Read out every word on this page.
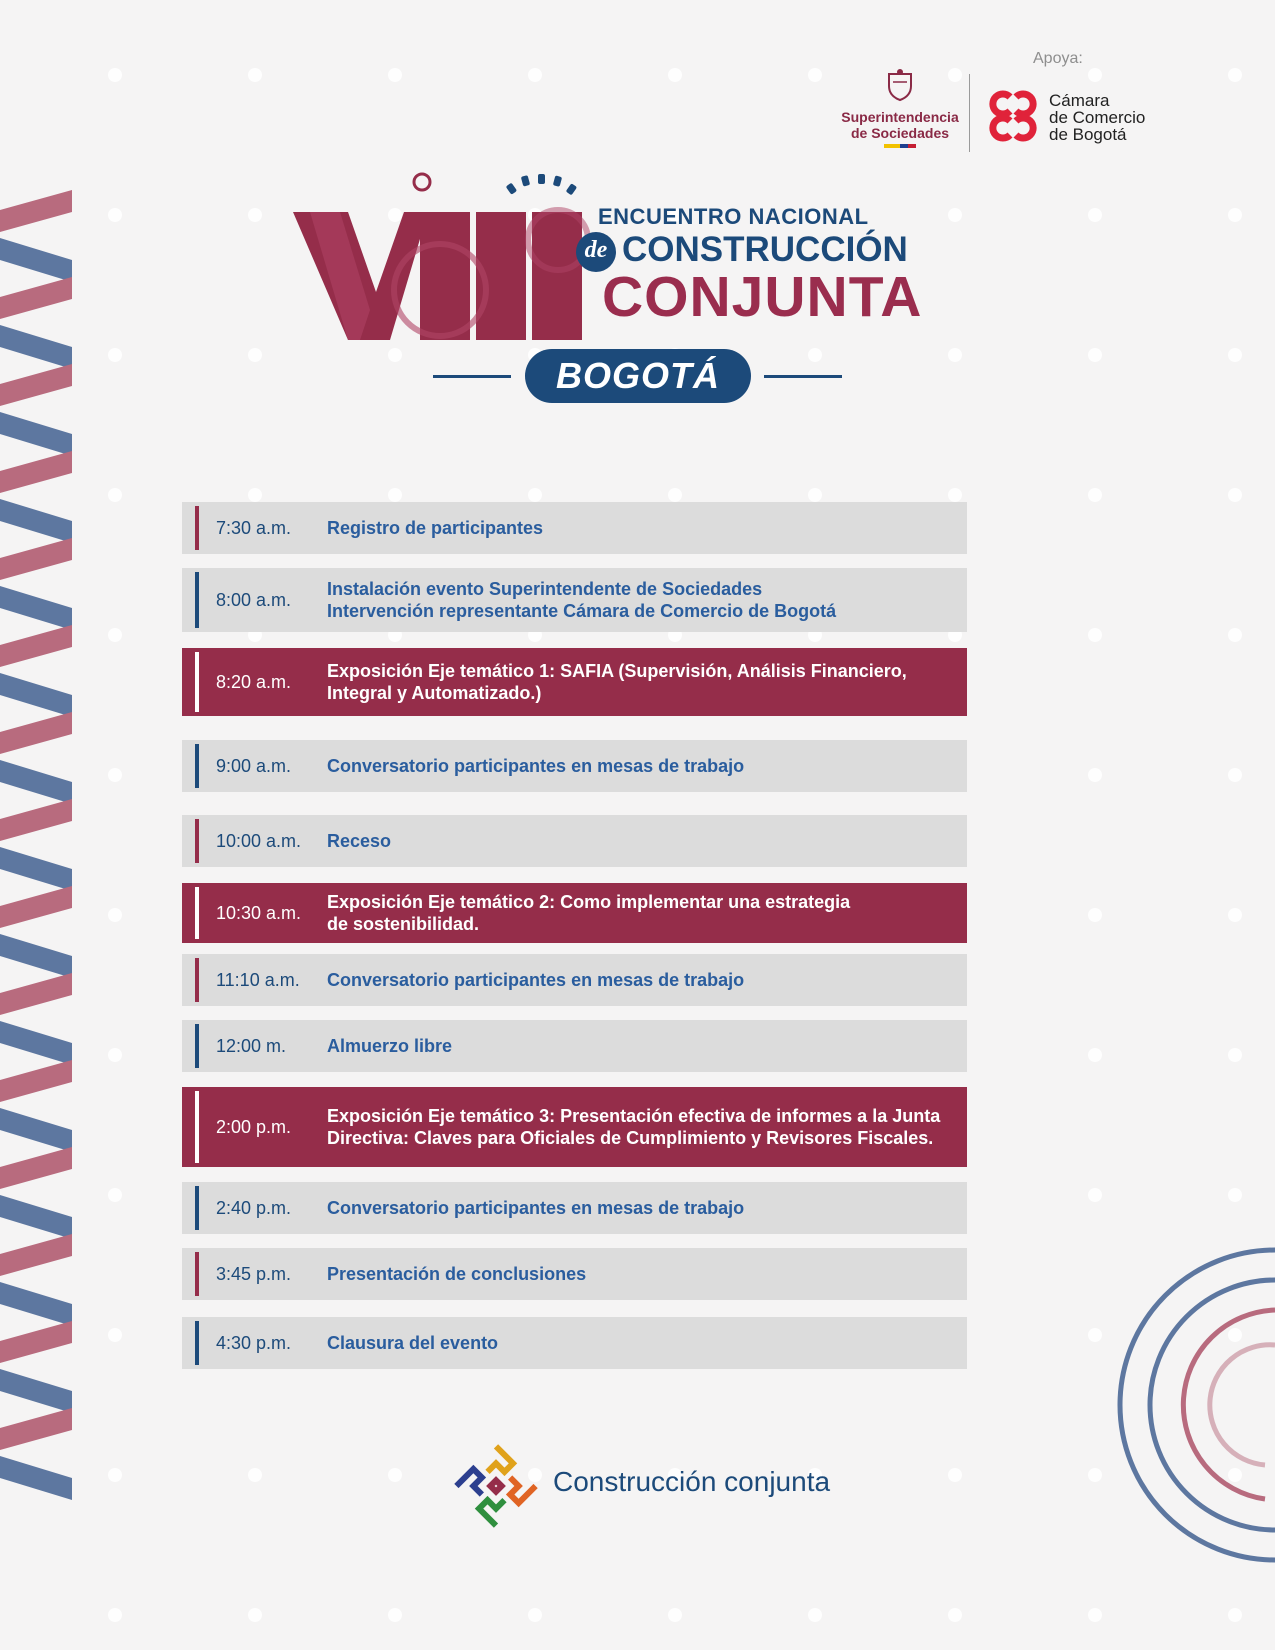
Apoya:
Superintendencia
de Sociedades
Cámara
de Comercio
de Bogotá
ENCUENTRO NACIONAL
de CONSTRUCCIÓN
CONJUNTA
BOGOTÁ
7:30 a.m. Registro de participantes
8:00 a.m.
Instalación evento Superintendente de Sociedades
Intervención representante Cámara de Comercio de Bogotá
8:20 a.m.
Exposición Eje temático 1: SAFIA (Supervisión, Análisis Financiero, Integral y Automatizado.)
9:00 a.m. Conversatorio participantes en mesas de trabajo
10:00 a.m. Receso
10:30 a.m.
Exposición Eje temático 2: Como implementar una estrategia
de sostenibilidad.
11:10 a.m. Conversatorio participantes en mesas de trabajo
12:00 m. Almuerzo libre
2:00 p.m.
Exposición Eje temático 3: Presentación efectiva de informes a la Junta Directiva: Claves para Oficiales de Cumplimiento y Revisores Fiscales.
2:40 p.m. Conversatorio participantes en mesas de trabajo
3:45 p.m. Presentación de conclusiones
4:30 p.m. Clausura del evento
Construcción conjunta
